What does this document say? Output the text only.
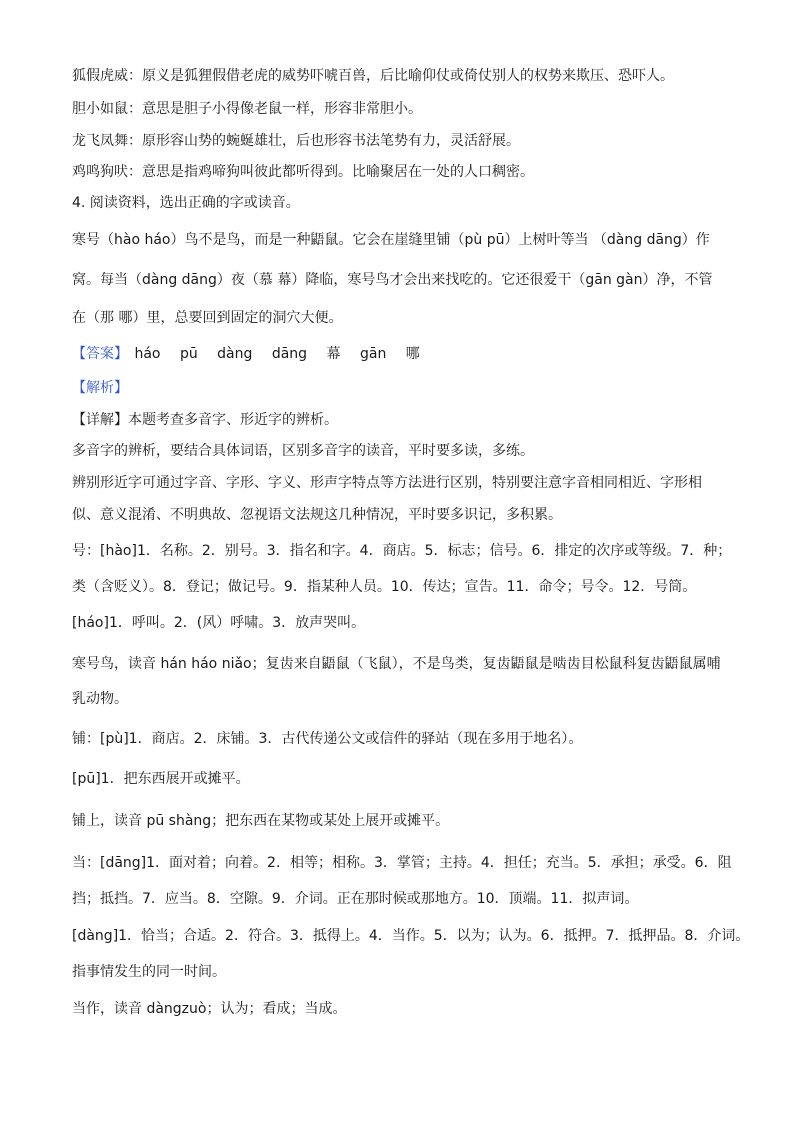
狐假虎威：原义是狐狸假借老虎的威势吓唬百兽，后比喻仰仗或倚仗别人的权势来欺压、恐吓人。
胆小如鼠：意思是胆子小得像老鼠一样，形容非常胆小。
龙飞凤舞：原形容山势的蜿蜒雄壮，后也形容书法笔势有力，灵活舒展。
鸡鸣狗吠：意思是指鸡啼狗叫彼此都听得到。比喻聚居在一处的人口稠密。
4. 阅读资料，选出正确的字或读音。
寒号（hào háo）鸟不是鸟，而是一种鼯鼠。它会在崖缝里铺（pù pū）上树叶等当 （dàng dāng）作
窝。每当（dàng dāng）夜（慕 幕）降临，寒号鸟才会出来找吃的。它还很爱干（gān gàn）净，不管
在（那 哪）里，总要回到固定的洞穴大便。
【答案】 háo pū dàng dāng 幕 gān 哪
【解析】
【详解】本题考查多音字、形近字的辨析。
多音字的辨析，要结合具体词语，区别多音字的读音，平时要多读，多练。
辨别形近字可通过字音、字形、字义、形声字特点等方法进行区别，特别要注意字音相同相近、字形相
似、意义混淆、不明典故、忽视语文法规这几种情况，平时要多识记，多积累。
号：[hào]1．名称。2．别号。3．指名和字。4．商店。5．标志；信号。6．排定的次序或等级。7．种；
类（含贬义）。8．登记；做记号。9．指某种人员。10．传达；宣告。11．命令；号令。12．号筒。
[háo]1．呼叫。2．(风）呼啸。3．放声哭叫。
寒号鸟，读音 hán háo niǎo；复齿来自鼯鼠（飞鼠），不是鸟类，复齿鼯鼠是啮齿目松鼠科复齿鼯鼠属哺
乳动物。
铺：[pù]1．商店。2．床铺。3．古代传递公文或信件的驿站（现在多用于地名）。
[pū]1．把东西展开或摊平。
铺上，读音 pū shàng；把东西在某物或某处上展开或摊平。
当：[dāng]1．面对着；向着。2．相等；相称。3．掌管；主持。4．担任；充当。5．承担；承受。6．阻
挡；抵挡。7．应当。8．空隙。9．介词。正在那时候或那地方。10．顶端。11．拟声词。
[dàng]1．恰当；合适。2．符合。3．抵得上。4．当作。5．以为；认为。6．抵押。7．抵押品。8．介词。
指事情发生的同一时间。
当作，读音 dàngzuò；认为；看成；当成。
